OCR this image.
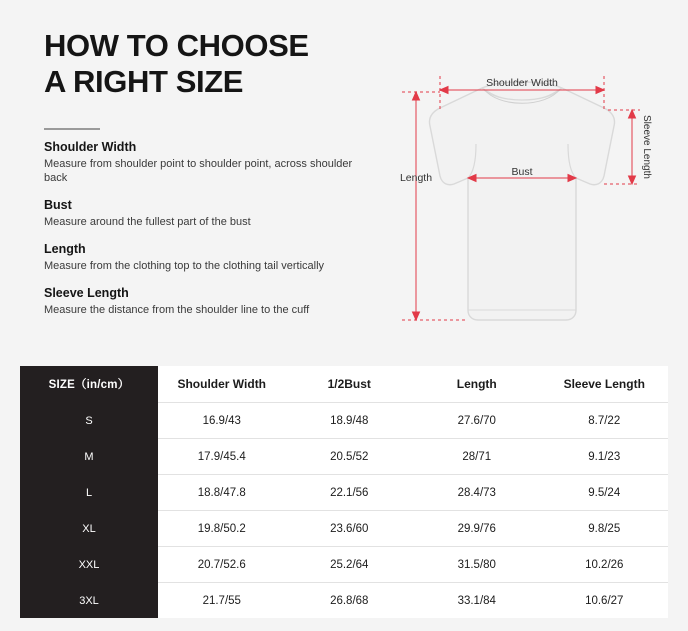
HOW TO CHOOSE
A RIGHT SIZE
Shoulder Width
Measure from shoulder point to shoulder point, across shoulder back
Bust
Measure around the fullest part of the bust
Length
Measure from the clothing top to the clothing tail vertically
Sleeve Length
Measure the distance from the shoulder line to the cuff
Shoulder Width
Bust
Length	Sleeve Length
SIZE（in/cm）	Shoulder Width	1/2Bust	Length	Sleeve Length
S	16.9/43	18.9/48	27.6/70	8.7/22
M	17.9/45.4	20.5/52	28/71	9.1/23
L	18.8/47.8	22.1/56	28.4/73	9.5/24
XL	19.8/50.2	23.6/60	29.9/76	9.8/25
XXL	20.7/52.6	25.2/64	31.5/80	10.2/26
3XL	21.7/55	26.8/68	33.1/84	10.6/27
